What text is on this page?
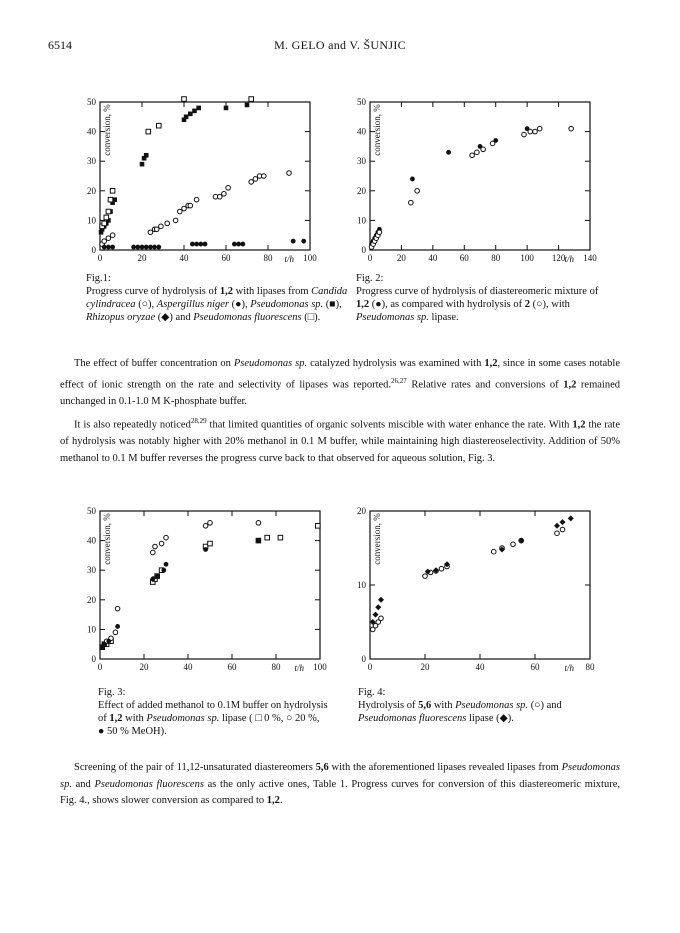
6514	M. GELO and V. ŠUNJIC
0
10
20
30
40
50
0	20	40	60	80	100
t/h
conversion, %
Fig.1:
Progress curve of hydrolysis of 1,2 with lipases from Candida cylindracea (○), Aspergillus niger (●), Pseudomonas sp. (■), Rhizopus oryzae (◆) and Pseudomonas fluorescens (□).
0
10
20
30
40
50
0	20 40 60 80 100 120 140
t/h
conversion, %
Fig. 2:
Progress curve of hydrolysis of diastereomeric mixture of 1,2 (●), as compared with hydrolysis of 2 (○), with Pseudomonas sp. lipase.

The effect of buffer concentration on Pseudomonas sp. catalyzed hydrolysis was examined with 1,2, since in some cases notable effect of ionic strength on the rate and selectivity of lipases was reported.$^{26,27}$ Relative rates and conversions of 1,2 remained unchanged in 0.1-1.0 M K-phosphate buffer.

It is also repeatedly noticed$^{28,29}$ that limited quantities of organic solvents miscible with water enhance the rate. With 1,2 the rate of hydrolysis was notably higher with 20% methanol in 0.1 M buffer, while maintaining high diastereoselectivity. Addition of 50% methanol to 0.1 M buffer reverses the progress curve back to that observed for aqueous solution, Fig. 3.

0
10
20
30
40
50
0	20	40	60	80	100
t/h
conversion, %
Fig. 3:
Effect of added methanol to 0.1M buffer on hydrolysis of 1,2 with Pseudomonas sp. lipase ( □ 0 %, ○ 20 %, ● 50 % MeOH).
0
10
20
0	20	40	60	80
t/h
conversion, %
Fig. 4:
Hydrolysis of 5,6 with Pseudomonas sp. (○) and Pseudomonas fluorescens lipase (◆).

Screening of the pair of 11,12-unsaturated diastereomers 5,6 with the aforementioned lipases revealed lipases from Pseudomonas sp. and Pseudomonas fluorescens as the only active ones, Table 1. Progress curves for conversion of this diastereomeric mixture, Fig. 4., shows slower conversion as compared to 1,2.
